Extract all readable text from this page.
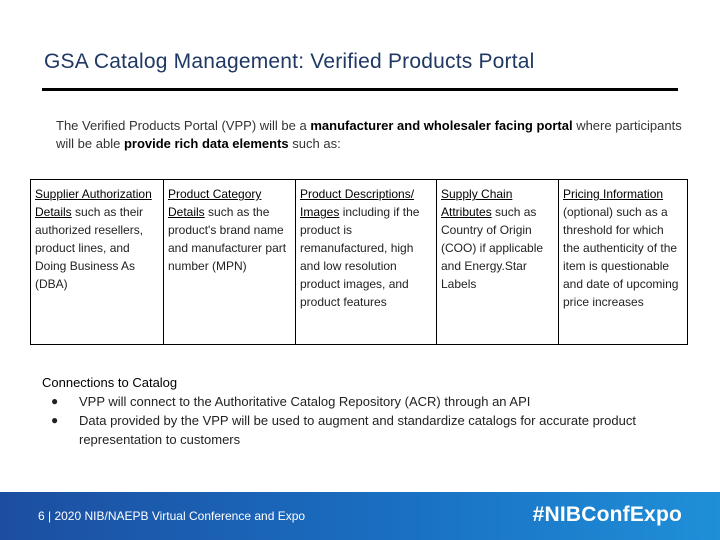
GSA Catalog Management: Verified Products Portal
The Verified Products Portal (VPP) will be a manufacturer and wholesaler facing portal where participants will be able provide rich data elements such as:
Supplier Authorization Details such as their authorized resellers, product lines, and Doing Business As (DBA)
Product Category Details such as the product's brand name and manufacturer part number (MPN)
Product Descriptions/ Images including if the product is remanufactured, high and low resolution product images, and product features
Supply Chain Attributes such as Country of Origin (COO) if applicable and Energy.Star Labels
Pricing Information (optional) such as a threshold for which the authenticity of the item is questionable and date of upcoming price increases
Connections to Catalog
● VPP will connect to the Authoritative Catalog Repository (ACR) through an API
● Data provided by the VPP will be used to augment and standardize catalogs for accurate product representation to customers
6 | 2020 NIB/NAEPB Virtual Conference and Expo	#NIBConfExpo
